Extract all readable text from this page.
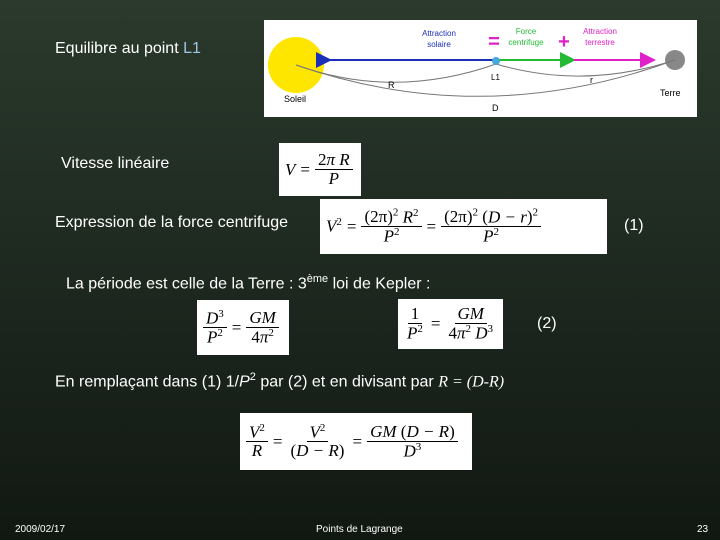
Equilibre au point L1
Attraction
solaire = Force
centrifuge + Attraction
terrestre
Soleil
Terre
R
L1	r
D
Vitesse linéaire	$V = \frac{\text{2π R}}{P}$
Expression de la force centrifuge $V^2 = \frac{(2\pi)^2 R^2}{P^2} = \frac{(2\pi)^2 (D - r)^2}{P^2}$	(1)
La période est celle de la Terre : 3ème loi de Kepler :
$\frac{D^3}{P^2} = \frac{GM}{4\pi^2}$	$\frac{1}{P^2} = \frac{GM}{4\pi^2 D^3}$	(2)
En remplaçant dans (1) $1/P^2$ par (2) et en divisant par R = (D-R)
$\frac{V^2}{R} = \frac{V^2}{(D - R)} = \frac{GM (D - R)}{D^3}$
2009/02/17	Points de Lagrange	23
